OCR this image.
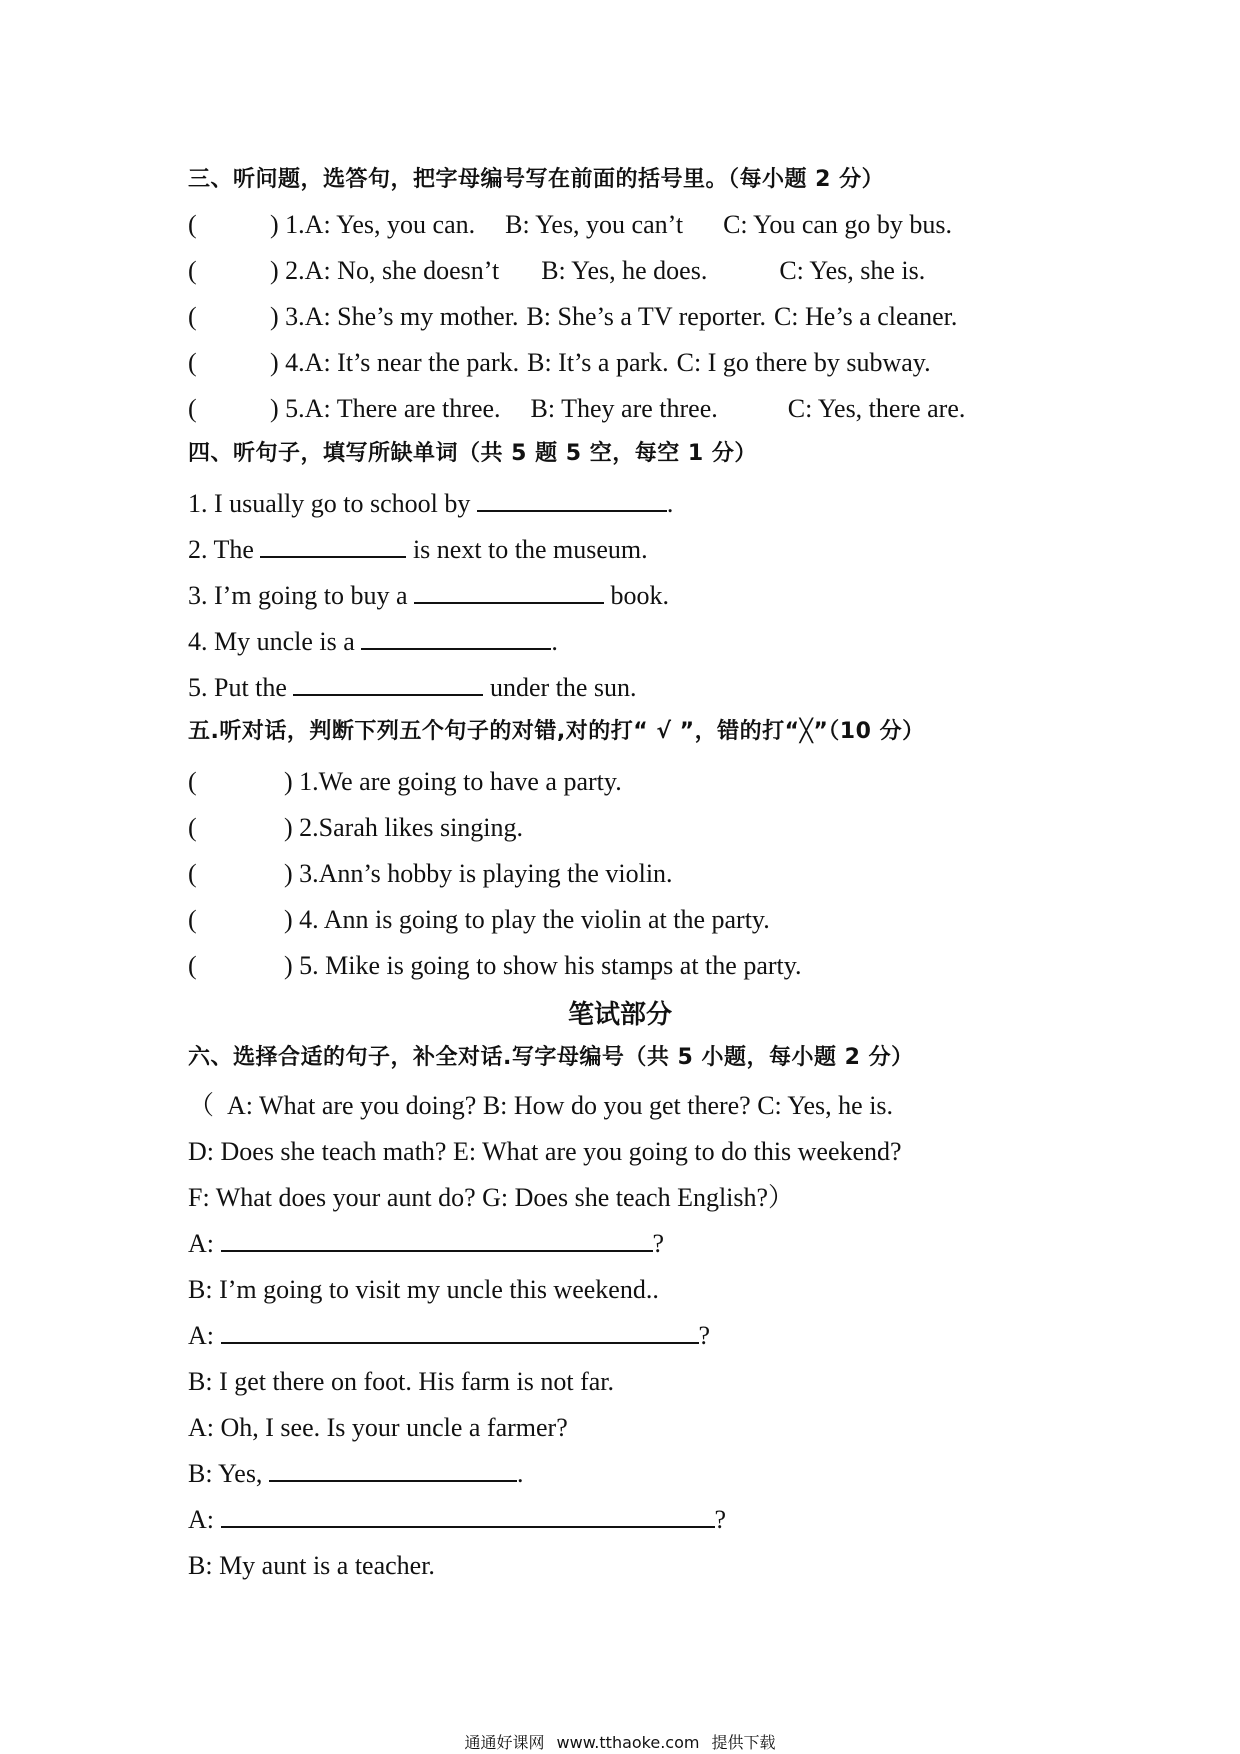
三、听问题，选答句，把字母编号写在前面的括号里。（每小题 2 分）
(	) 1.A: Yes, you can. B: Yes, you can’t C: You can go by bus.
(	) 2.A: No, she doesn’t B: Yes, he does.	C: Yes, she is.
(	) 3.A: She’s my mother. B: She’s a TV reporter. C: He’s a cleaner.
(	) 4.A: It’s near the park. B: It’s a park. C: I go there by subway.
(	) 5.A: There are three. B: They are three.	C: Yes, there are.
四、听句子，填写所缺单词（共 5 题 5 空，每空 1 分）
1. I usually go to school by	.
2. The	is next to the museum.
3. I’m going to buy a	book.
4. My uncle is a	.
5. Put the	under the sun.
五.听对话，判断下列五个句子的对错,对的打“ √ ”，错的打“╳”（10 分）
(	) 1.We are going to have a party.
(	) 2.Sarah likes singing.
(	) 3.Ann’s hobby is playing the violin.
(	) 4. Ann is going to play the violin at the party.
(	) 5. Mike is going to show his stamps at the party.
笔试部分
六、选择合适的句子，补全对话.写字母编号（共 5 小题，每小题 2 分）
（  A: What are you doing? B: How do you get there? C: Yes, he is.
D: Does she teach math? E: What are you going to do this weekend?
F: What does your aunt do? G: Does she teach English?）
A:	?
B: I’m going to visit my uncle this weekend..
A:	?
B: I get there on foot. His farm is not far.
A: Oh, I see. Is your uncle a farmer?
B: Yes,	.
A:	?
B: My aunt is a teacher.
通通好课网 www.tthaoke.com 提供下载
